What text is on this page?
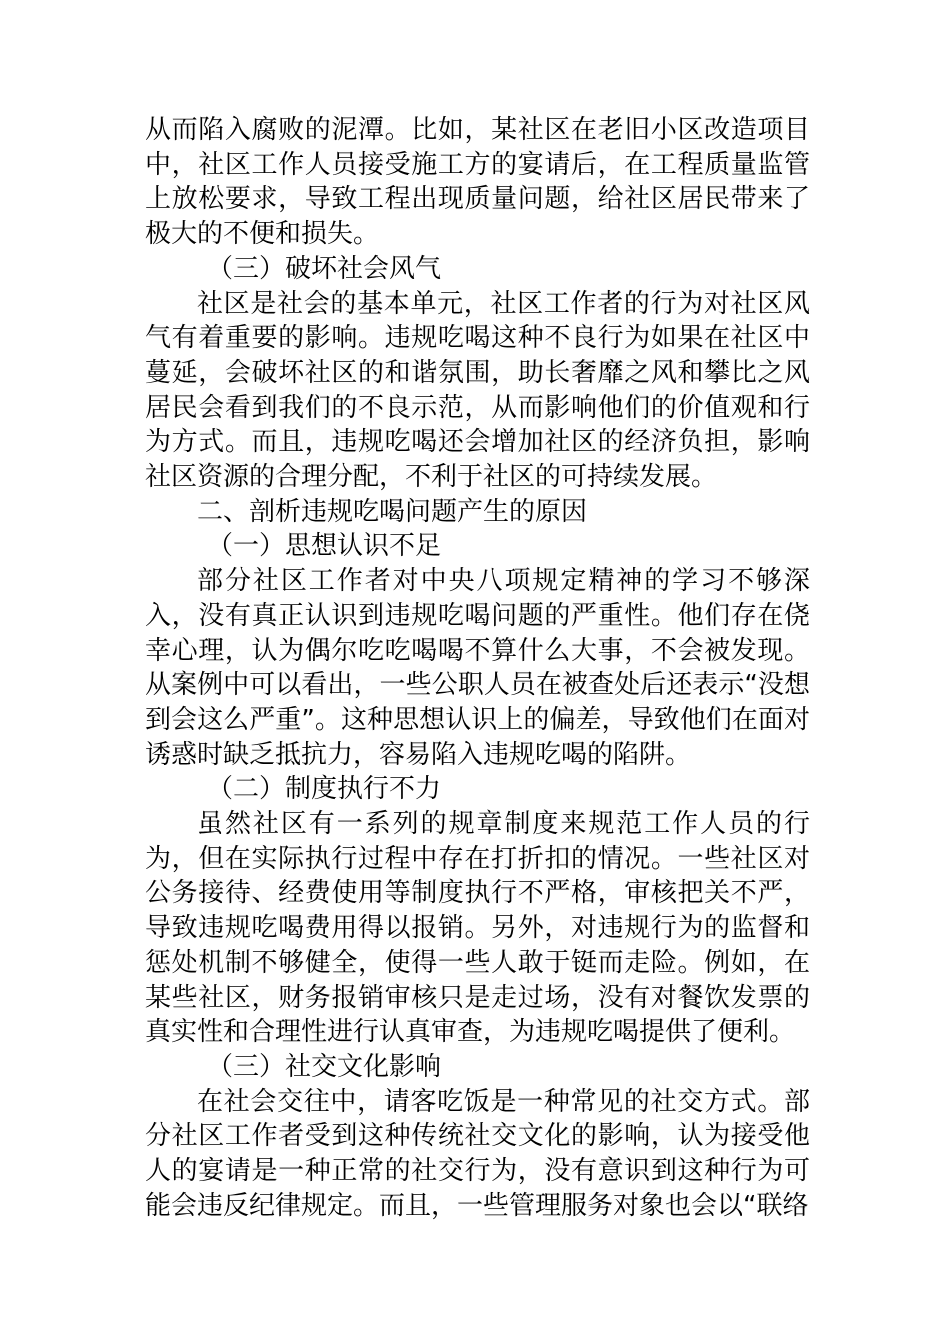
从而陷入腐败的泥潭。比如，某社区在老旧小区改造项目中，社区工作人员接受施工方的宴请后，在工程质量监管上放松要求，导致工程出现质量问题，给社区居民带来了极大的不便和损失。

（三）破坏社会风气

社区是社会的基本单元，社区工作者的行为对社区风气有着重要的影响。违规吃喝这种不良行为如果在社区中蔓延，会破坏社区的和谐氛围，助长奢靡之风和攀比之风居民会看到我们的不良示范，从而影响他们的价值观和行为方式。而且，违规吃喝还会增加社区的经济负担，影响社区资源的合理分配，不利于社区的可持续发展。

二、剖析违规吃喝问题产生的原因

（一）思想认识不足

部分社区工作者对中央八项规定精神的学习不够深入，没有真正认识到违规吃喝问题的严重性。他们存在侥幸心理，认为偶尔吃吃喝喝不算什么大事，不会被发现。从案例中可以看出，一些公职人员在被查处后还表示“没想到会这么严重”。这种思想认识上的偏差，导致他们在面对诱惑时缺乏抵抗力，容易陷入违规吃喝的陷阱。

（二）制度执行不力

虽然社区有一系列的规章制度来规范工作人员的行为，但在实际执行过程中存在打折扣的情况。一些社区对公务接待、经费使用等制度执行不严格，审核把关不严，导致违规吃喝费用得以报销。另外，对违规行为的监督和惩处机制不够健全，使得一些人敢于铤而走险。例如，在某些社区，财务报销审核只是走过场，没有对餐饮发票的真实性和合理性进行认真审查，为违规吃喝提供了便利。

（三）社交文化影响

在社会交往中，请客吃饭是一种常见的社交方式。部分社区工作者受到这种传统社交文化的影响，认为接受他人的宴请是一种正常的社交行为，没有意识到这种行为可能会违反纪律规定。而且，一些管理服务对象也会以“联络
